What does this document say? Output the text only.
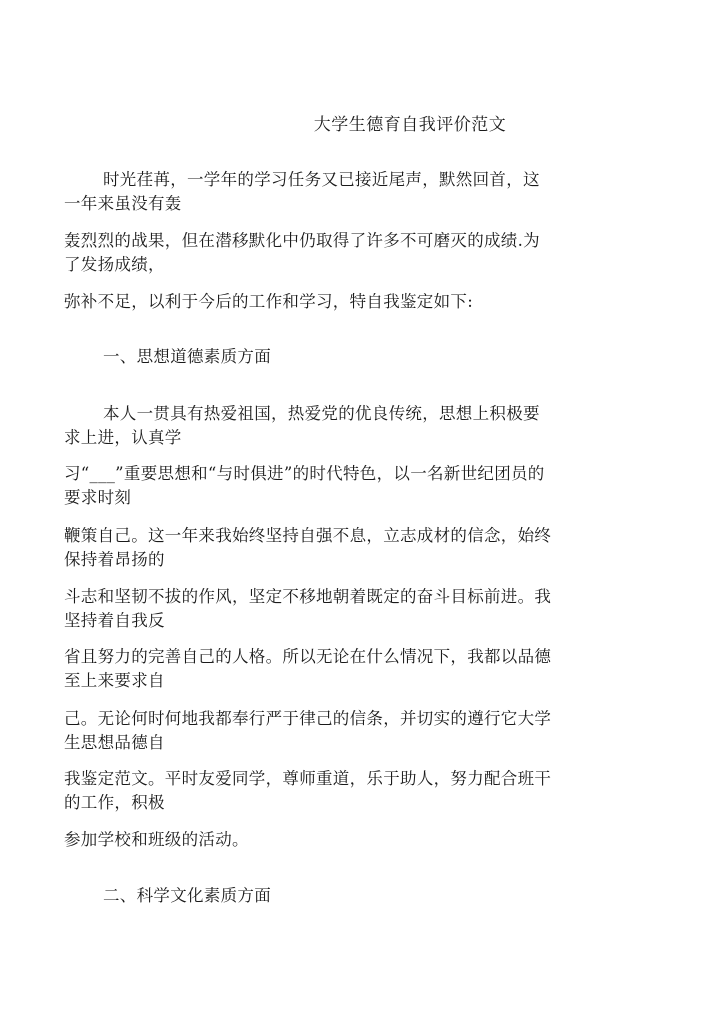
大学生德育自我评价范文
时光荏苒，一学年的学习任务又已接近尾声，默然回首，这一年来虽没有轰
轰烈烈的战果，但在潜移默化中仍取得了许多不可磨灭的成绩.为了发扬成绩，
弥补不足，以利于今后的工作和学习，特自我鉴定如下:
一、思想道德素质方面
本人一贯具有热爱祖国，热爱党的优良传统，思想上积极要求上进，认真学
习“___”重要思想和“与时俱进”的时代特色，以一名新世纪团员的要求时刻
鞭策自己。这一年来我始终坚持自强不息，立志成材的信念，始终保持着昂扬的
斗志和坚韧不拔的作风，坚定不移地朝着既定的奋斗目标前进。我坚持着自我反
省且努力的完善自己的人格。所以无论在什么情况下，我都以品德至上来要求自
己。无论何时何地我都奉行严于律己的信条，并切实的遵行它大学生思想品德自
我鉴定范文。平时友爱同学，尊师重道，乐于助人，努力配合班干的工作，积极
参加学校和班级的活动。
二、科学文化素质方面
